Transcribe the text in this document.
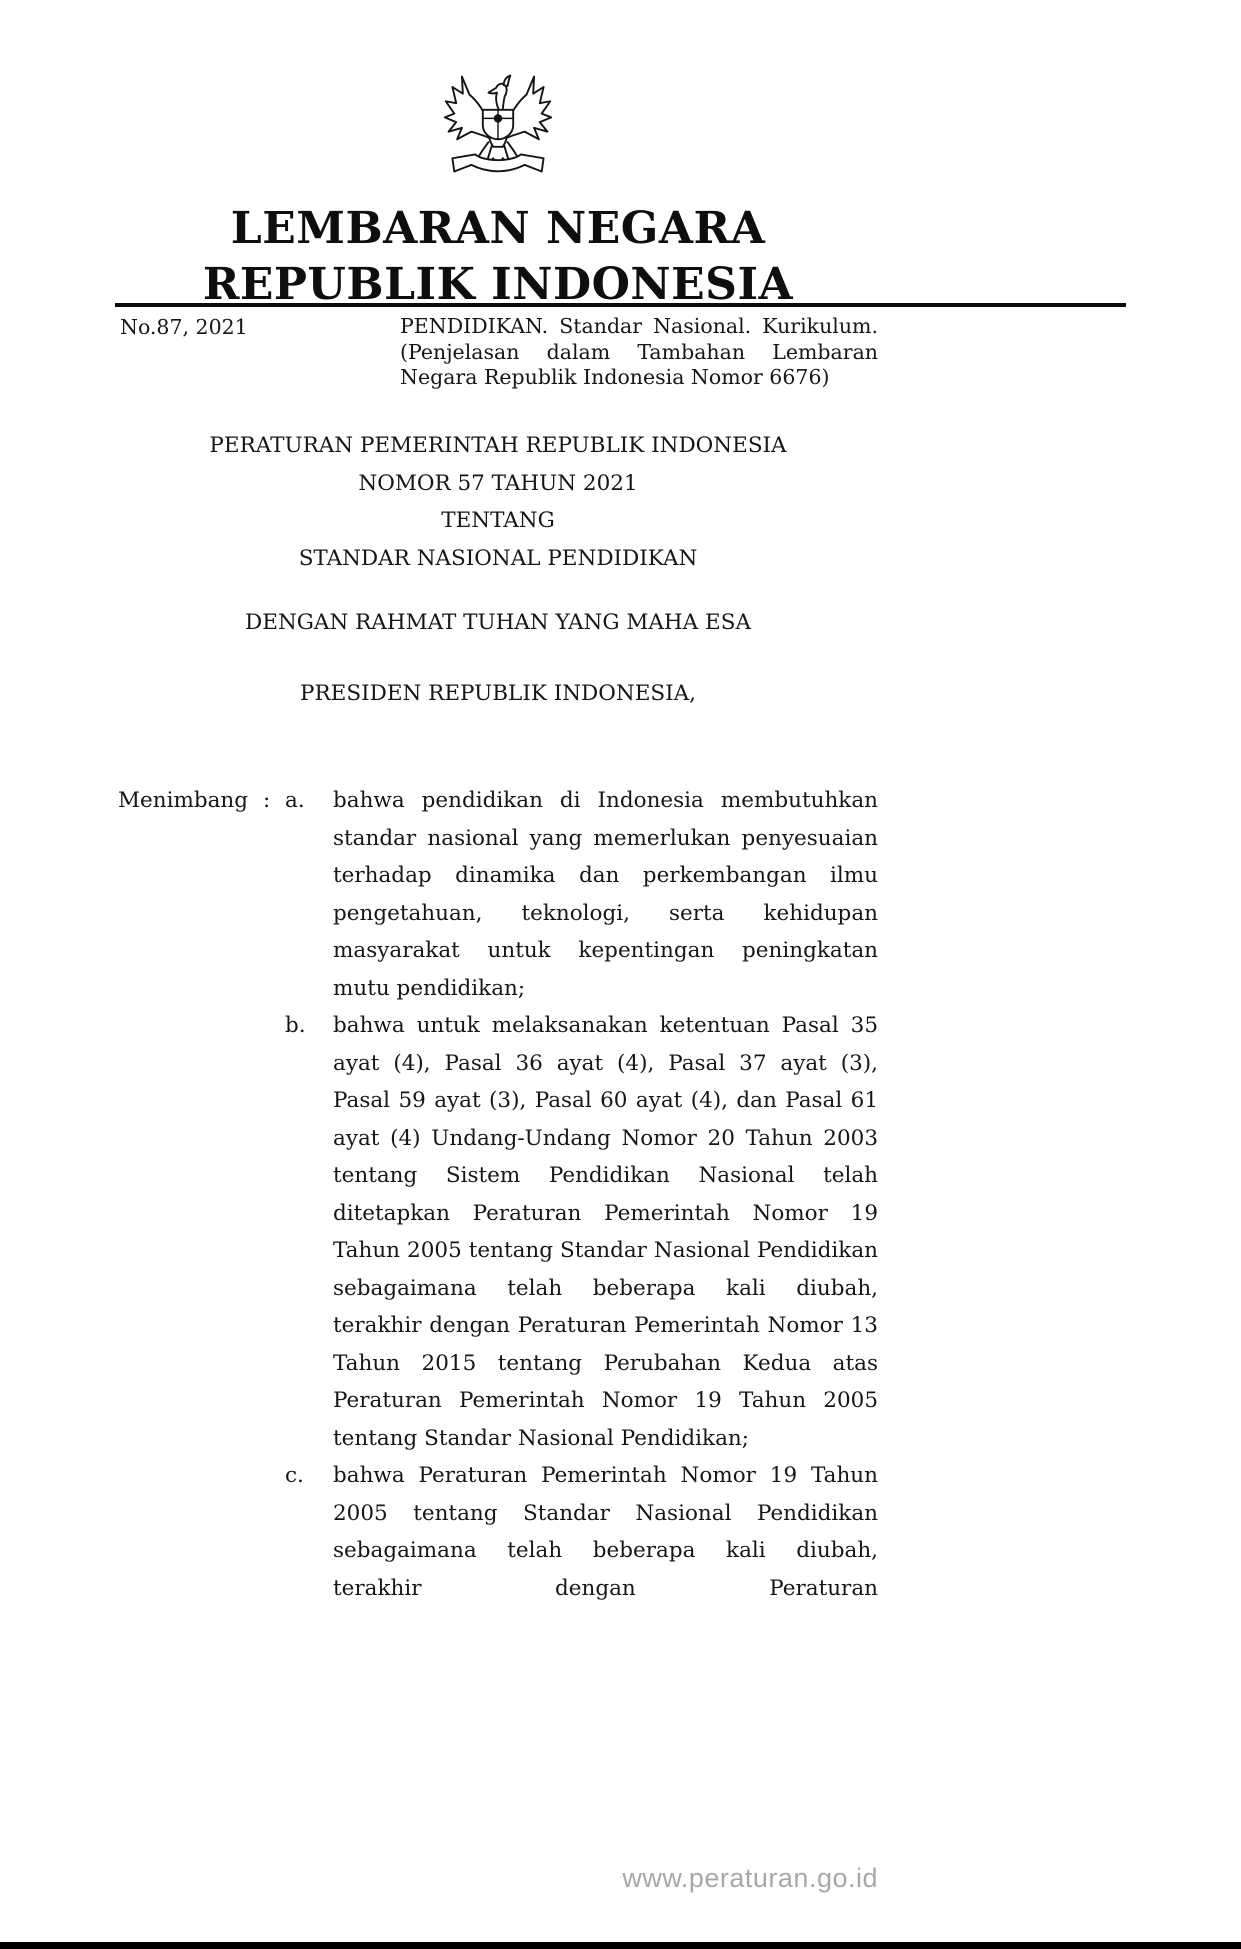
LEMBARAN NEGARA
REPUBLIK INDONESIA
No.87, 2021	PENDIDIKAN. Standar Nasional. Kurikulum. (Penjelasan dalam Tambahan Lembaran Negara Republik Indonesia Nomor 6676)
PERATURAN PEMERINTAH REPUBLIK INDONESIA
NOMOR 57 TAHUN 2021
TENTANG
STANDAR NASIONAL PENDIDIKAN
DENGAN RAHMAT TUHAN YANG MAHA ESA
PRESIDEN REPUBLIK INDONESIA,
Menimbang : a.	bahwa pendidikan di Indonesia membutuhkan standar nasional yang memerlukan penyesuaian terhadap dinamika dan perkembangan ilmu pengetahuan, teknologi, serta kehidupan masyarakat untuk kepentingan peningkatan mutu pendidikan;
b.	bahwa untuk melaksanakan ketentuan Pasal 35 ayat (4), Pasal 36 ayat (4), Pasal 37 ayat (3), Pasal 59 ayat (3), Pasal 60 ayat (4), dan Pasal 61 ayat (4) Undang-Undang Nomor 20 Tahun 2003 tentang Sistem Pendidikan Nasional telah ditetapkan Peraturan Pemerintah Nomor 19 Tahun 2005 tentang Standar Nasional Pendidikan sebagaimana telah beberapa kali diubah, terakhir dengan Peraturan Pemerintah Nomor 13 Tahun 2015 tentang Perubahan Kedua atas Peraturan Pemerintah Nomor 19 Tahun 2005 tentang Standar Nasional Pendidikan;
c.	bahwa Peraturan Pemerintah Nomor 19 Tahun 2005 tentang Standar Nasional Pendidikan sebagaimana telah beberapa kali diubah, terakhir dengan Peraturan
www.peraturan.go.id
